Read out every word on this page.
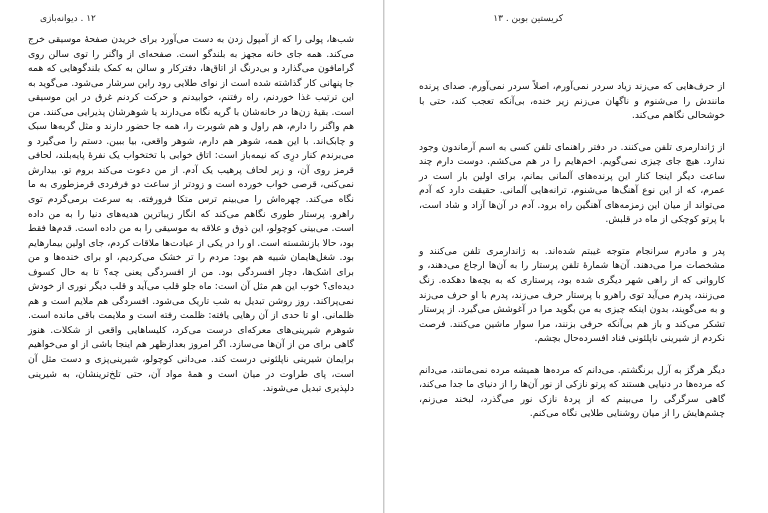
۱۲ . دیوانه‌بازی

شب‌ها، پولی را که از آمپول زدن به دست می‌آورد برای خریدن صفحهٔ موسیقی خرج می‌کند. همه جای خانه مجهز به بلندگو است. صفحه‌ای از واگنر را توی سالن روی گرامافون می‌گذارد و بی‌درنگ از اتاق‌ها، دفترکار و سالن به کمک بلندگوهایی که همه جا پنهانی کار گذاشته شده است از نوای طلایی رود راین سرشار می‌شود. می‌گوید به این ترتیب غذا خوردنم، راه رفتنم، خوابیدنم و حرکت کردنم غرق در این موسیقی است. بقیهٔ زن‌ها در خانه‌شان با گریه نگاه می‌دارند یا شوهرشان پذیرایی می‌کنند. من هم واگنر را دارم، هم راول و هم شوبرت را، همه جا حضور دارند و مثل گربه‌ها سبک و چابک‌اند. با این همه، شوهر هم دارم، شوهر واقعی، بیا ببین. دستم را می‌گیرد و می‌برندم کنار درِی که نیمه‌باز است: اتاق خوابی با تختخواب یک نفرهٔ پایه‌بلند، لحافی قرمز روی آن، و زیر لحاف پرهیب یک آدم. از من دعوت می‌کند بروم تو. بیدارش نمی‌کنی، قرصی خواب خورده است و زودتر از ساعت دو فرفردی قرمزطوری به ما نگاه می‌کند. چهره‌اش را می‌بینم ترس متکا فرورفته. به سرعت برمی‌گردم توی راهرو. پرستار طوری نگاهم می‌کند که انگار زیباترین هدیه‌های دنیا را به من داده است. می‌بینی کوچولو، این ذوق و علاقه به موسیقی را به من داده است. قدم‌ها فقط بود، حالا بازنشسته است. او را در یکی از عیادت‌ها ملاقات کردم، جای اولین بیمارهایم بود. شغل‌هایمان شبیه هم بود: مردم را تر خشک می‌کردیم، او برای خنده‌ها و من برای اشک‌ها، دچار افسردگی بود. من از افسردگی یعنی چه؟ تا به حال کسوف دیده‌ای؟ خوب این هم مثل آن است: ماه جلو قلب می‌آید و قلب دیگر نوری از خودش نمی‌پراکند. روز روشن تبدیل به شب تاریک می‌شود. افسردگی هم ملایم است و هم ظلمانی. او تا حدی از آن رهایی یافته: ظلمت رفته است و ملایمت باقی مانده است. شوهرم شیرینی‌های معرکه‌ای درست می‌کرد، کلیساهایی واقعی از شکلات. هنوز گاهی برای من از آن‌ها می‌سازد. اگر امروز بعدازظهر هم اینجا باشی از او می‌خواهیم برایمان شیرینی ناپلئونی درست کند. می‌دانی کوچولو، شیرینی‌پزی و دست مثل آن است، پای طراوت در میان است و همهٔ مواد آن، حتی تلخ‌ترینشان، به شیرینی دلپذیری تبدیل می‌شوند.

کریستین بوبن . ۱۳

از حرف‌هایی که می‌زند زیاد سردر نمی‌آورم، اصلاً سردر نمی‌آورم. صدای پرنده مانندش را می‌شنوم و ناگهان می‌زنم زیر خنده، بی‌آنکه تعجب کند، حتی با خوشحالی نگاهم می‌کند.

از ژاندارمری تلفن می‌کنند. در دفتر راهنمای تلفن کسی به اسم آرماندون وجود ندارد. هیچ جای چیزی نمی‌گویم. اخم‌هایم را در هم می‌کشم. دوست دارم چند ساعت دیگر اینجا کنار این پرنده‌های آلمانی بمانم، برای اولین بار است در عمرم، که از این نوع آهنگ‌ها می‌شنوم، ترانه‌هایی آلمانی. حقیقت دارد که آدم می‌تواند از میان این زمزمه‌های آهنگین راه برود. آدم در آن‌ها آزاد و شاد است، با پرتو کوچکی از ماه در قلبش.

پدر و مادرم سرانجام متوجه غیبتم شده‌اند. به ژاندارمری تلفن می‌کنند و مشخصات مرا می‌دهند. آن‌ها شمارهٔ تلفن پرستار را به آن‌ها ارجاع می‌دهند، و کاروانی که از راهی شهر دیگری شده بود، پرستاری که به بچه‌ها دهکده. زنگ می‌زنند، پدرم می‌آید توی راهرو با پرستار حرف می‌زند، پدرم با او حرف می‌زند و به می‌گویند، بدون اینکه چیزی به من بگوید مرا در آغوشش می‌گیرد. از پرستار تشکر می‌کند و باز هم بی‌آنکه حرفی بزنند، مرا سوار ماشین می‌کنند. فرصت نکردم از شیرینی ناپلئونی فناد افسرده‌حال بچشم.

دیگر هرگز به آرل برنگشتم. می‌دانم که مرده‌ها همیشه مرده نمی‌مانند، می‌دانم که مرده‌ها در دنیایی هستند که پرتو نازکی از نور آن‌ها را از دنیای ما جدا می‌کند، گاهی سرگرگی را می‌بینم که از پردهٔ نازک نور می‌گذرد، لبخند می‌زنم، چشم‌هایش را از میان روشنایی طلایی نگاه می‌کنم.
